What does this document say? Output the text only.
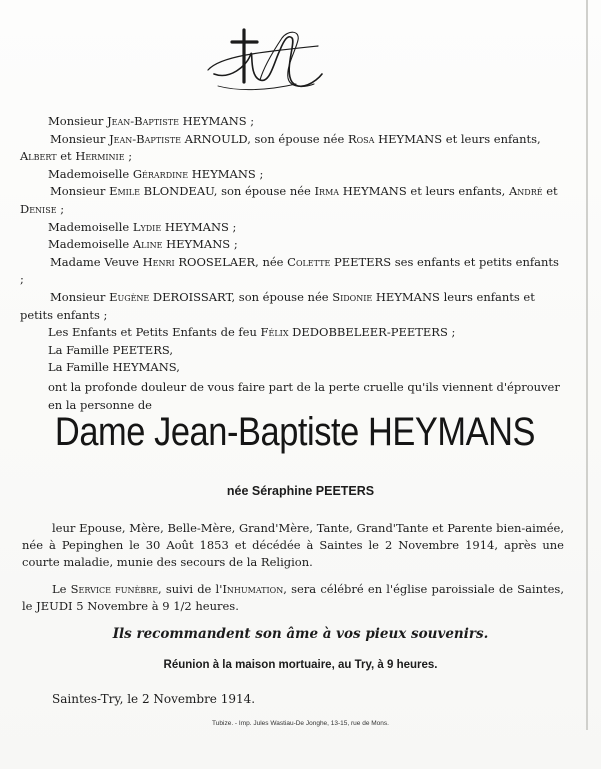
Monsieur Jean-Baptiste HEYMANS ;

Monsieur Jean-Baptiste ARNOULD, son épouse née Rosa HEYMANS et leurs enfants, Albert et Herminie ;

Mademoiselle Gérardine HEYMANS ;

Monsieur Emile BLONDEAU, son épouse née Irma HEYMANS et leurs enfants, André et Denise ;

Mademoiselle Lydie HEYMANS ;

Mademoiselle Aline HEYMANS ;

Madame Veuve Henri ROOSELAER, née Colette PEETERS ses enfants et petits enfants ;

Monsieur Eugène DEROISSART, son épouse née Sidonie HEYMANS leurs enfants et petits enfants ;

Les Enfants et Petits Enfants de feu Félix DEDOBBELEER-PEETERS ;

La Famille PEETERS,

La Famille HEYMANS,

ont la profonde douleur de vous faire part de la perte cruelle qu'ils viennent d'éprouver en la personne de

Dame Jean-Baptiste HEYMANS
née Séraphine PEETERS

leur Epouse, Mère, Belle-Mère, Grand'Mère, Tante, Grand'Tante et Parente bien-aimée, née à Pepinghen le 30 Août 1853 et décédée à Saintes le 2 Novembre 1914, après une courte maladie, munie des secours de la Religion.

Le Service funèbre, suivi de l'Inhumation, sera célébré en l'église paroissiale de Saintes, le JEUDI 5 Novembre à 9 1/2 heures.

Ils recommandent son âme à vos pieux souvenirs.
Réunion à la maison mortuaire, au Try, à 9 heures.
Saintes-Try, le 2 Novembre 1914.
Tubize. - Imp. Jules Wastiau-De Jonghe, 13-15, rue de Mons.
